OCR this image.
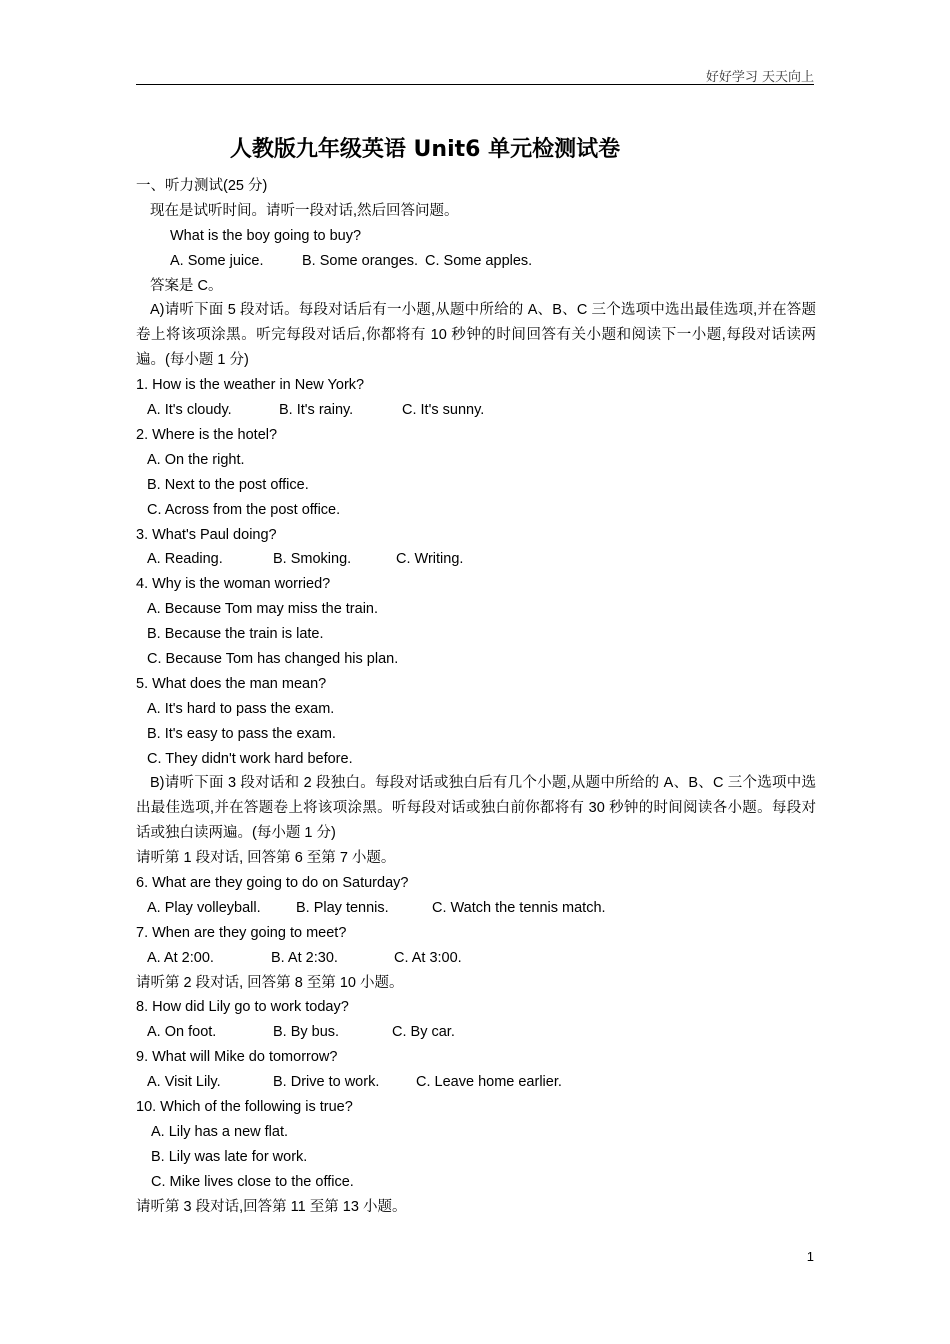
好好学习 天天向上
人教版九年级英语 Unit6 单元检测试卷
一、听力测试(25 分)
现在是试听时间。请听一段对话,然后回答问题。
What is the boy going to buy?
A. Some juice.	B. Some oranges. C. Some apples.
答案是 C。
A)请听下面 5 段对话。每段对话后有一小题,从题中所给的 A、B、C 三个选项中选出最佳选项,并在答题卷上将该项涂黑。听完每段对话后,你都将有 10 秒钟的时间回答有关小题和阅读下一小题,每段对话读两遍。(每小题 1 分)
1. How is the weather in New York?
A. It's cloudy.	B. It's rainy.	C. It's sunny.
2. Where is the hotel?
A. On the right.
B. Next to the post office.
C. Across from the post office.
3. What's Paul doing?
A. Reading.	B. Smoking.	C. Writing.
4. Why is the woman worried?
A. Because Tom may miss the train.
B. Because the train is late.
C. Because Tom has changed his plan.
5. What does the man mean?
A. It's hard to pass the exam.
B. It's easy to pass the exam.
C. They didn't work hard before.
B)请听下面 3 段对话和 2 段独白。每段对话或独白后有几个小题,从题中所给的 A、B、C 三个选项中选出最佳选项,并在答题卷上将该项涂黑。听每段对话或独白前你都将有 30 秒钟的时间阅读各小题。每段对话或独白读两遍。(每小题 1 分)
请听第 1 段对话, 回答第 6 至第 7 小题。
6. What are they going to do on Saturday?
A. Play volleyball. B. Play tennis.	C. Watch the tennis match.
7. When are they going to meet?
A. At 2:00.	B. At 2:30.	C. At 3:00.
请听第 2 段对话, 回答第 8 至第 10 小题。
8. How did Lily go to work today?
A. On foot.	B. By bus.	C. By car.
9. What will Mike do tomorrow?
A. Visit Lily.	B. Drive to work.	C. Leave home earlier.
10. Which of the following is true?
A. Lily has a new flat.
B. Lily was late for work.
C. Mike lives close to the office.
请听第 3 段对话,回答第 11 至第 13 小题。
1
